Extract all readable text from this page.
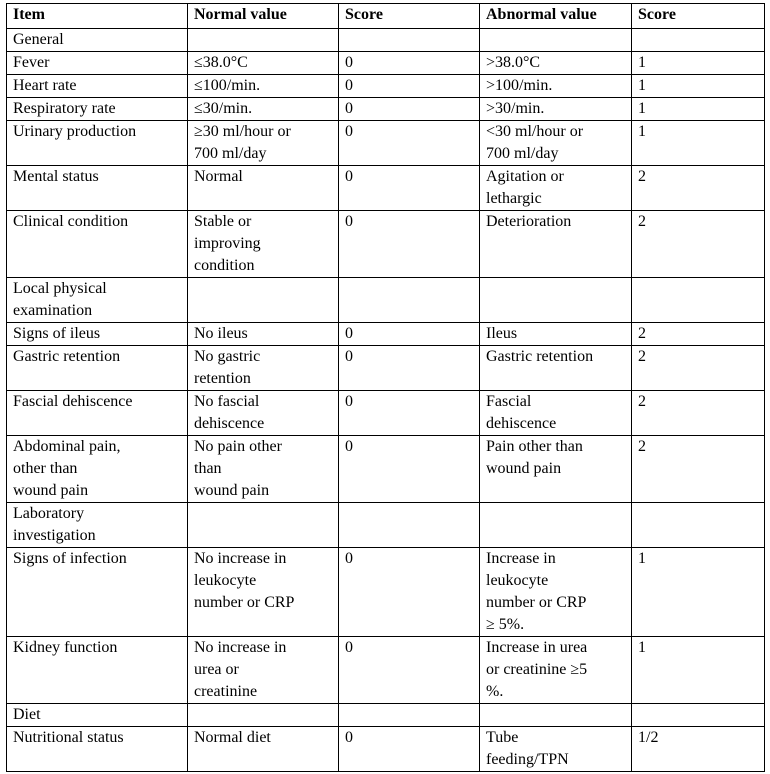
Item	Normal value	Score	Abnormal value	Score
General				
Fever	≤38.0°C	0	>38.0°C	1
Heart rate	≤100/min.	0	>100/min.	1
Respiratory rate	≤30/min.	0	>30/min.	1
Urinary production	≥30 ml/hour or
700 ml/day	0	<30 ml/hour or
700 ml/day	1
Mental status	Normal	0	Agitation or
lethargic	2
Clinical condition	Stable or
improving
condition	0	Deterioration	2
Local physical
examination				
Signs of ileus	No ileus	0	Ileus	2
Gastric retention	No gastric
retention	0	Gastric retention	2
Fascial dehiscence	No fascial
dehiscence	0	Fascial
dehiscence	2
Abdominal pain,
other than
wound pain	No pain other
than
wound pain	0	Pain other than
wound pain	2
Laboratory
investigation				
Signs of infection	No increase in
leukocyte
number or CRP	0	Increase in
leukocyte
number or CRP
≥ 5%.	1
Kidney function	No increase in
urea or
creatinine	0	Increase in urea
or creatinine ≥5
%.	1
Diet				
Nutritional status	Normal diet	0	Tube
feeding/TPN	1/2
